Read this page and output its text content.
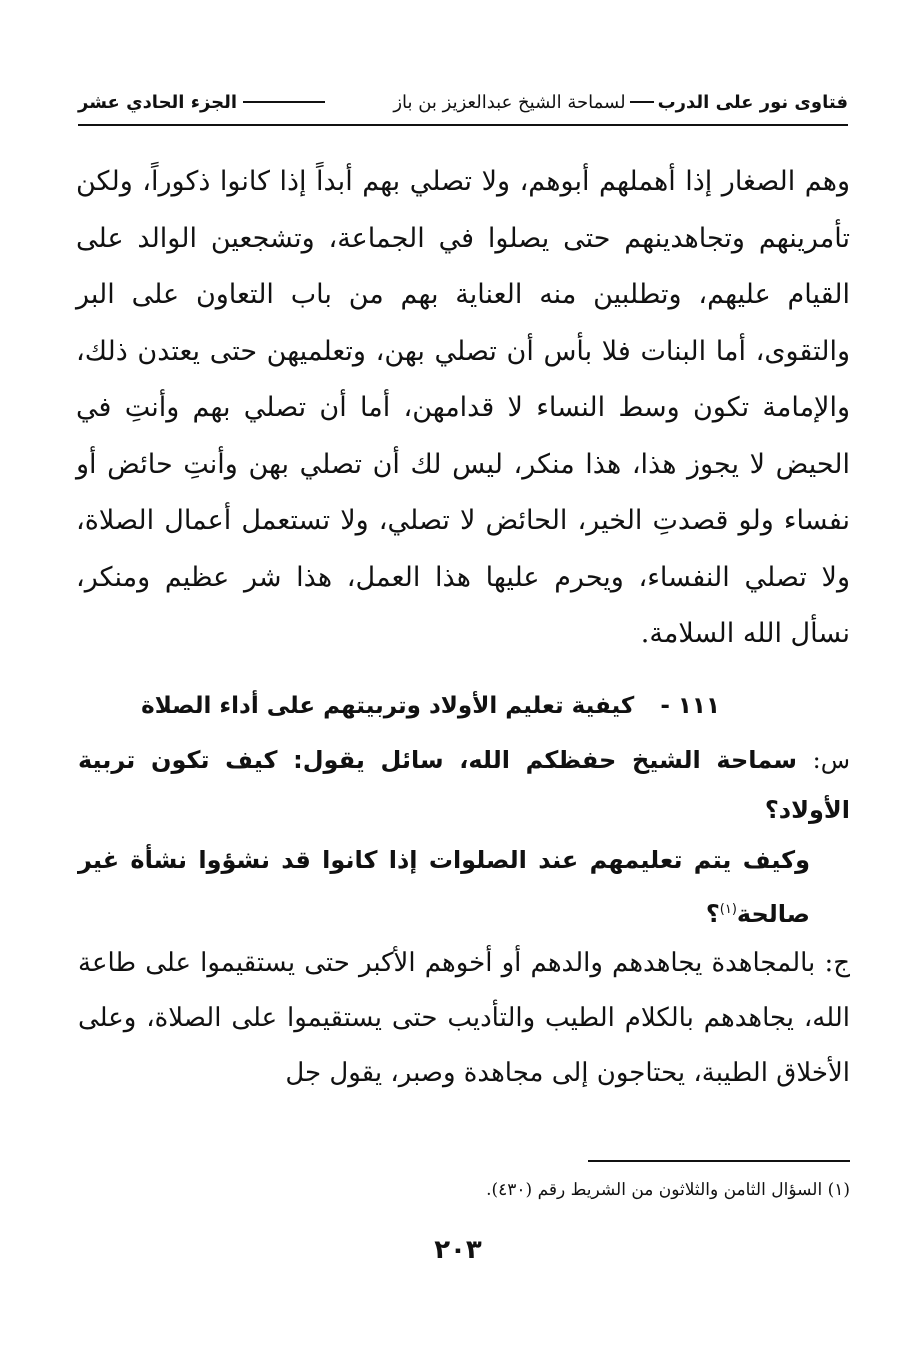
فتاوى نور على الدرب
لسماحة الشيخ عبدالعزيز بن باز
الجزء الحادي عشر

وهم الصغار إذا أهملهم أبوهم، ولا تصلي بهم أبداً إذا كانوا ذكوراً، ولكن تأمرينهم وتجاهدينهم حتى يصلوا في الجماعة، وتشجعين الوالد على القيام عليهم، وتطلبين منه العناية بهم من باب التعاون على البر والتقوى، أما البنات فلا بأس أن تصلي بهن، وتعلميهن حتى يعتدن ذلك، والإمامة تكون وسط النساء لا قدامهن، أما أن تصلي بهم وأنتِ في الحيض لا يجوز هذا، هذا منكر، ليس لك أن تصلي بهن وأنتِ حائض أو نفساء ولو قصدتِ الخير، الحائض لا تصلي، ولا تستعمل أعمال الصلاة، ولا تصلي النفساء، ويحرم عليها هذا العمل، هذا شر عظيم ومنكر، نسأل الله السلامة.

١١١ -كيفية تعليم الأولاد وتربيتهم على أداء الصلاة
س: سماحة الشيخ حفظكم الله، سائل يقول: كيف تكون تربية الأولاد؟
وكيف يتم تعليمهم عند الصلوات إذا كانوا قد نشؤوا نشأة غير صالحة$^{(١)}$؟
ج: بالمجاهدة يجاهدهم والدهم أو أخوهم الأكبر حتى يستقيموا على طاعة الله، يجاهدهم بالكلام الطيب والتأديب حتى يستقيموا على الصلاة، وعلى الأخلاق الطيبة، يحتاجون إلى مجاهدة وصبر، يقول جل
(١) السؤال الثامن والثلاثون من الشريط رقم (٤٣٠).
٢٠٣
